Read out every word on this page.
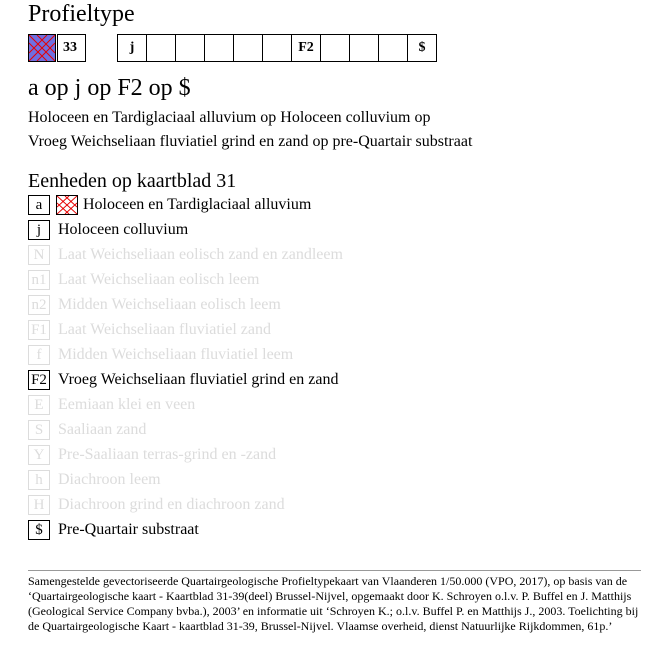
Profieltype
33	j	F2	$
a op j op F2 op $
Holoceen en Tardiglaciaal alluvium op Holoceen colluvium op
Vroeg Weichseliaan fluviatiel grind en zand op pre-Quartair substraat
Eenheden op kaartblad 31
a	Holoceen en Tardiglaciaal alluvium
j	Holoceen colluvium
N Laat Weichseliaan eolisch zand en zandleem
n1 Laat Weichseliaan eolisch leem
n2 Midden Weichseliaan eolisch leem
F1 Laat Weichseliaan fluviatiel zand
f	Midden Weichseliaan fluviatiel leem
F2 Vroeg Weichseliaan fluviatiel grind en zand
E Eemiaan klei en veen
S Saaliaan zand
Y Pre-Saaliaan terras-grind en -zand
h Diachroon leem
H Diachroon grind en diachroon zand
$ Pre-Quartair substraat
Samengestelde gevectoriseerde Quartairgeologische Profieltypekaart van Vlaanderen 1/50.000 (VPO, 2017), op basis van de ‘Quartairgeologische kaart - Kaartblad 31-39(deel) Brussel-Nijvel, opgemaakt door K. Schroyen o.l.v. P. Buffel en J. Matthijs (Geological Service Company bvba.), 2003’ en informatie uit ‘Schroyen K.; o.l.v. Buffel P. en Matthijs J., 2003. Toelichting bij de Quartairgeologische Kaart - kaartblad 31-39, Brussel-Nijvel. Vlaamse overheid, dienst Natuurlijke Rijkdommen, 61p.’
